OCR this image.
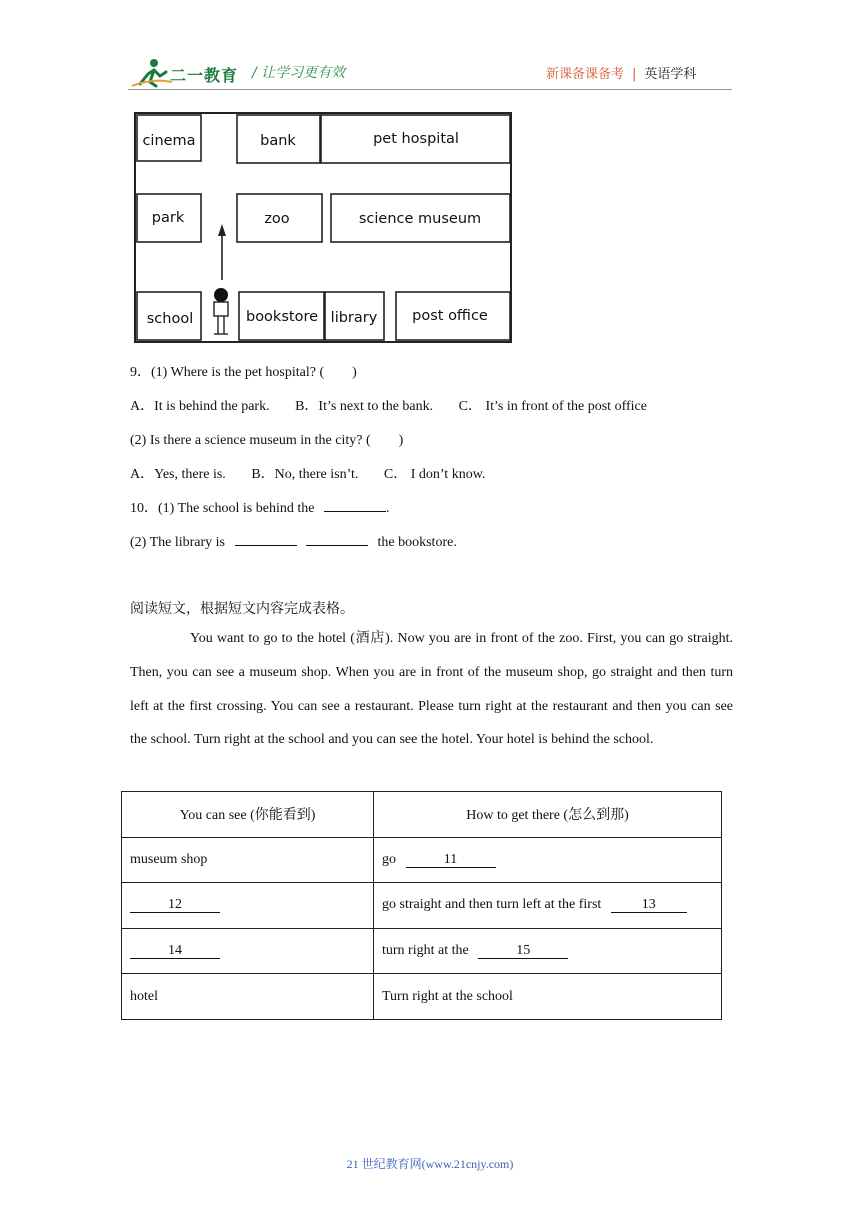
二一教育 / 让学习更有效	新课备课备考 | 英语学科
cinema	bank	pet hospital
park	zoo	science museum
school	bookstore library post office
9．(1) Where is the pet hospital? (　　)
A．It is behind the park. B．It’s next to the bank. C． It’s in front of the post office
(2) Is there a science museum in the city? (　　)
A．Yes, there is. B．No, there isn’t. C． I don’t know.
10．(1) The school is behind the	.
(2) The library is	the bookstore.
阅读短文，根据短文内容完成表格。
You want to go to the hotel (酒店). Now you are in front of the zoo. First, you can go straight. Then, you can see a museum shop. When you are in front of the museum shop, go straight and then turn left at the first crossing. You can see a restaurant. Please turn right at the restaurant and then you can see the school. Turn right at the school and you can see the hotel. Your hotel is behind the school.
You can see (你能看到)	How to get there (怎么到那)
museum shop	go 11
12	go straight and then turn left at the first 13
14	turn right at the 15
hotel	Turn right at the school
21 世纪教育网(www.21cnjy.com)
